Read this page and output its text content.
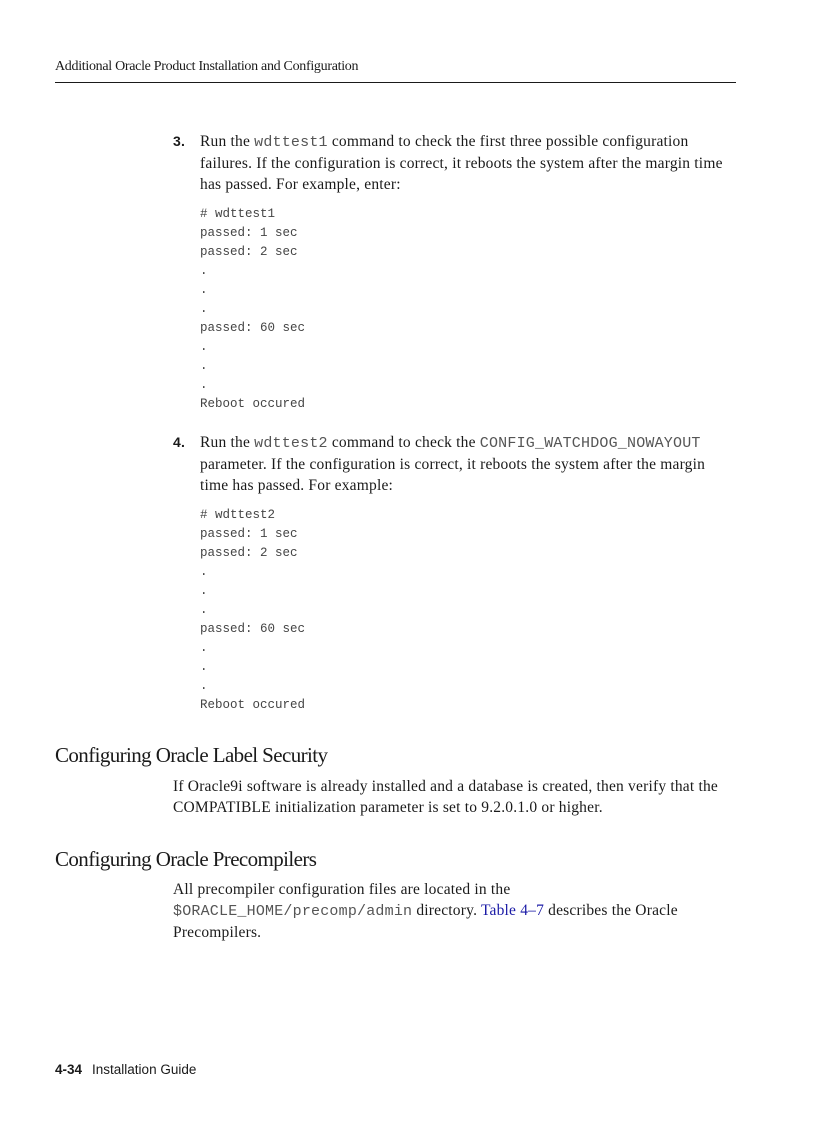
Additional Oracle Product Installation and Configuration
3. Run the wdttest1 command to check the first three possible configuration failures. If the configuration is correct, it reboots the system after the margin time has passed. For example, enter:
# wdttest1
passed: 1 sec
passed: 2 sec
.
.
.
passed: 60 sec
.
.
.
Reboot occured
4. Run the wdttest2 command to check the CONFIG_WATCHDOG_NOWAYOUT parameter. If the configuration is correct, it reboots the system after the margin time has passed. For example:
# wdttest2
passed: 1 sec
passed: 2 sec
.
.
.
passed: 60 sec
.
.
.
Reboot occured
Configuring Oracle Label Security

If Oracle9i software is already installed and a database is created, then verify that the COMPATIBLE initialization parameter is set to 9.2.0.1.0 or higher.

Configuring Oracle Precompilers

All precompiler configuration files are located in the $ORACLE_HOME/precomp/admin directory. Table 4–7 describes the Oracle Precompilers.

4-34 Installation Guide
